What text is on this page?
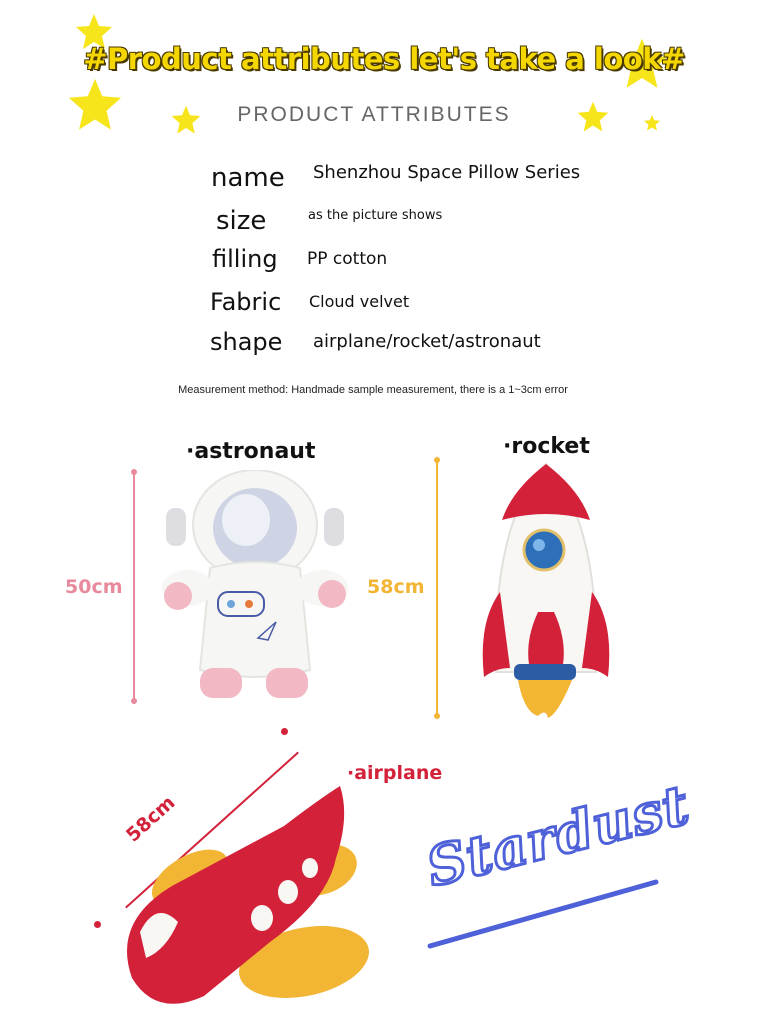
#Product attributes let's take a look#
PRODUCT ATTRIBUTES
name Shenzhou Space Pillow Series
size	as the picture shows
filling PP cotton
Fabric Cloud velvet
shape airplane/rocket/astronaut
Measurement method: Handmade sample measurement, there is a 1~3cm error
·astronaut
50cm
·rocket
58cm
·airplane
58cm	Stardust
